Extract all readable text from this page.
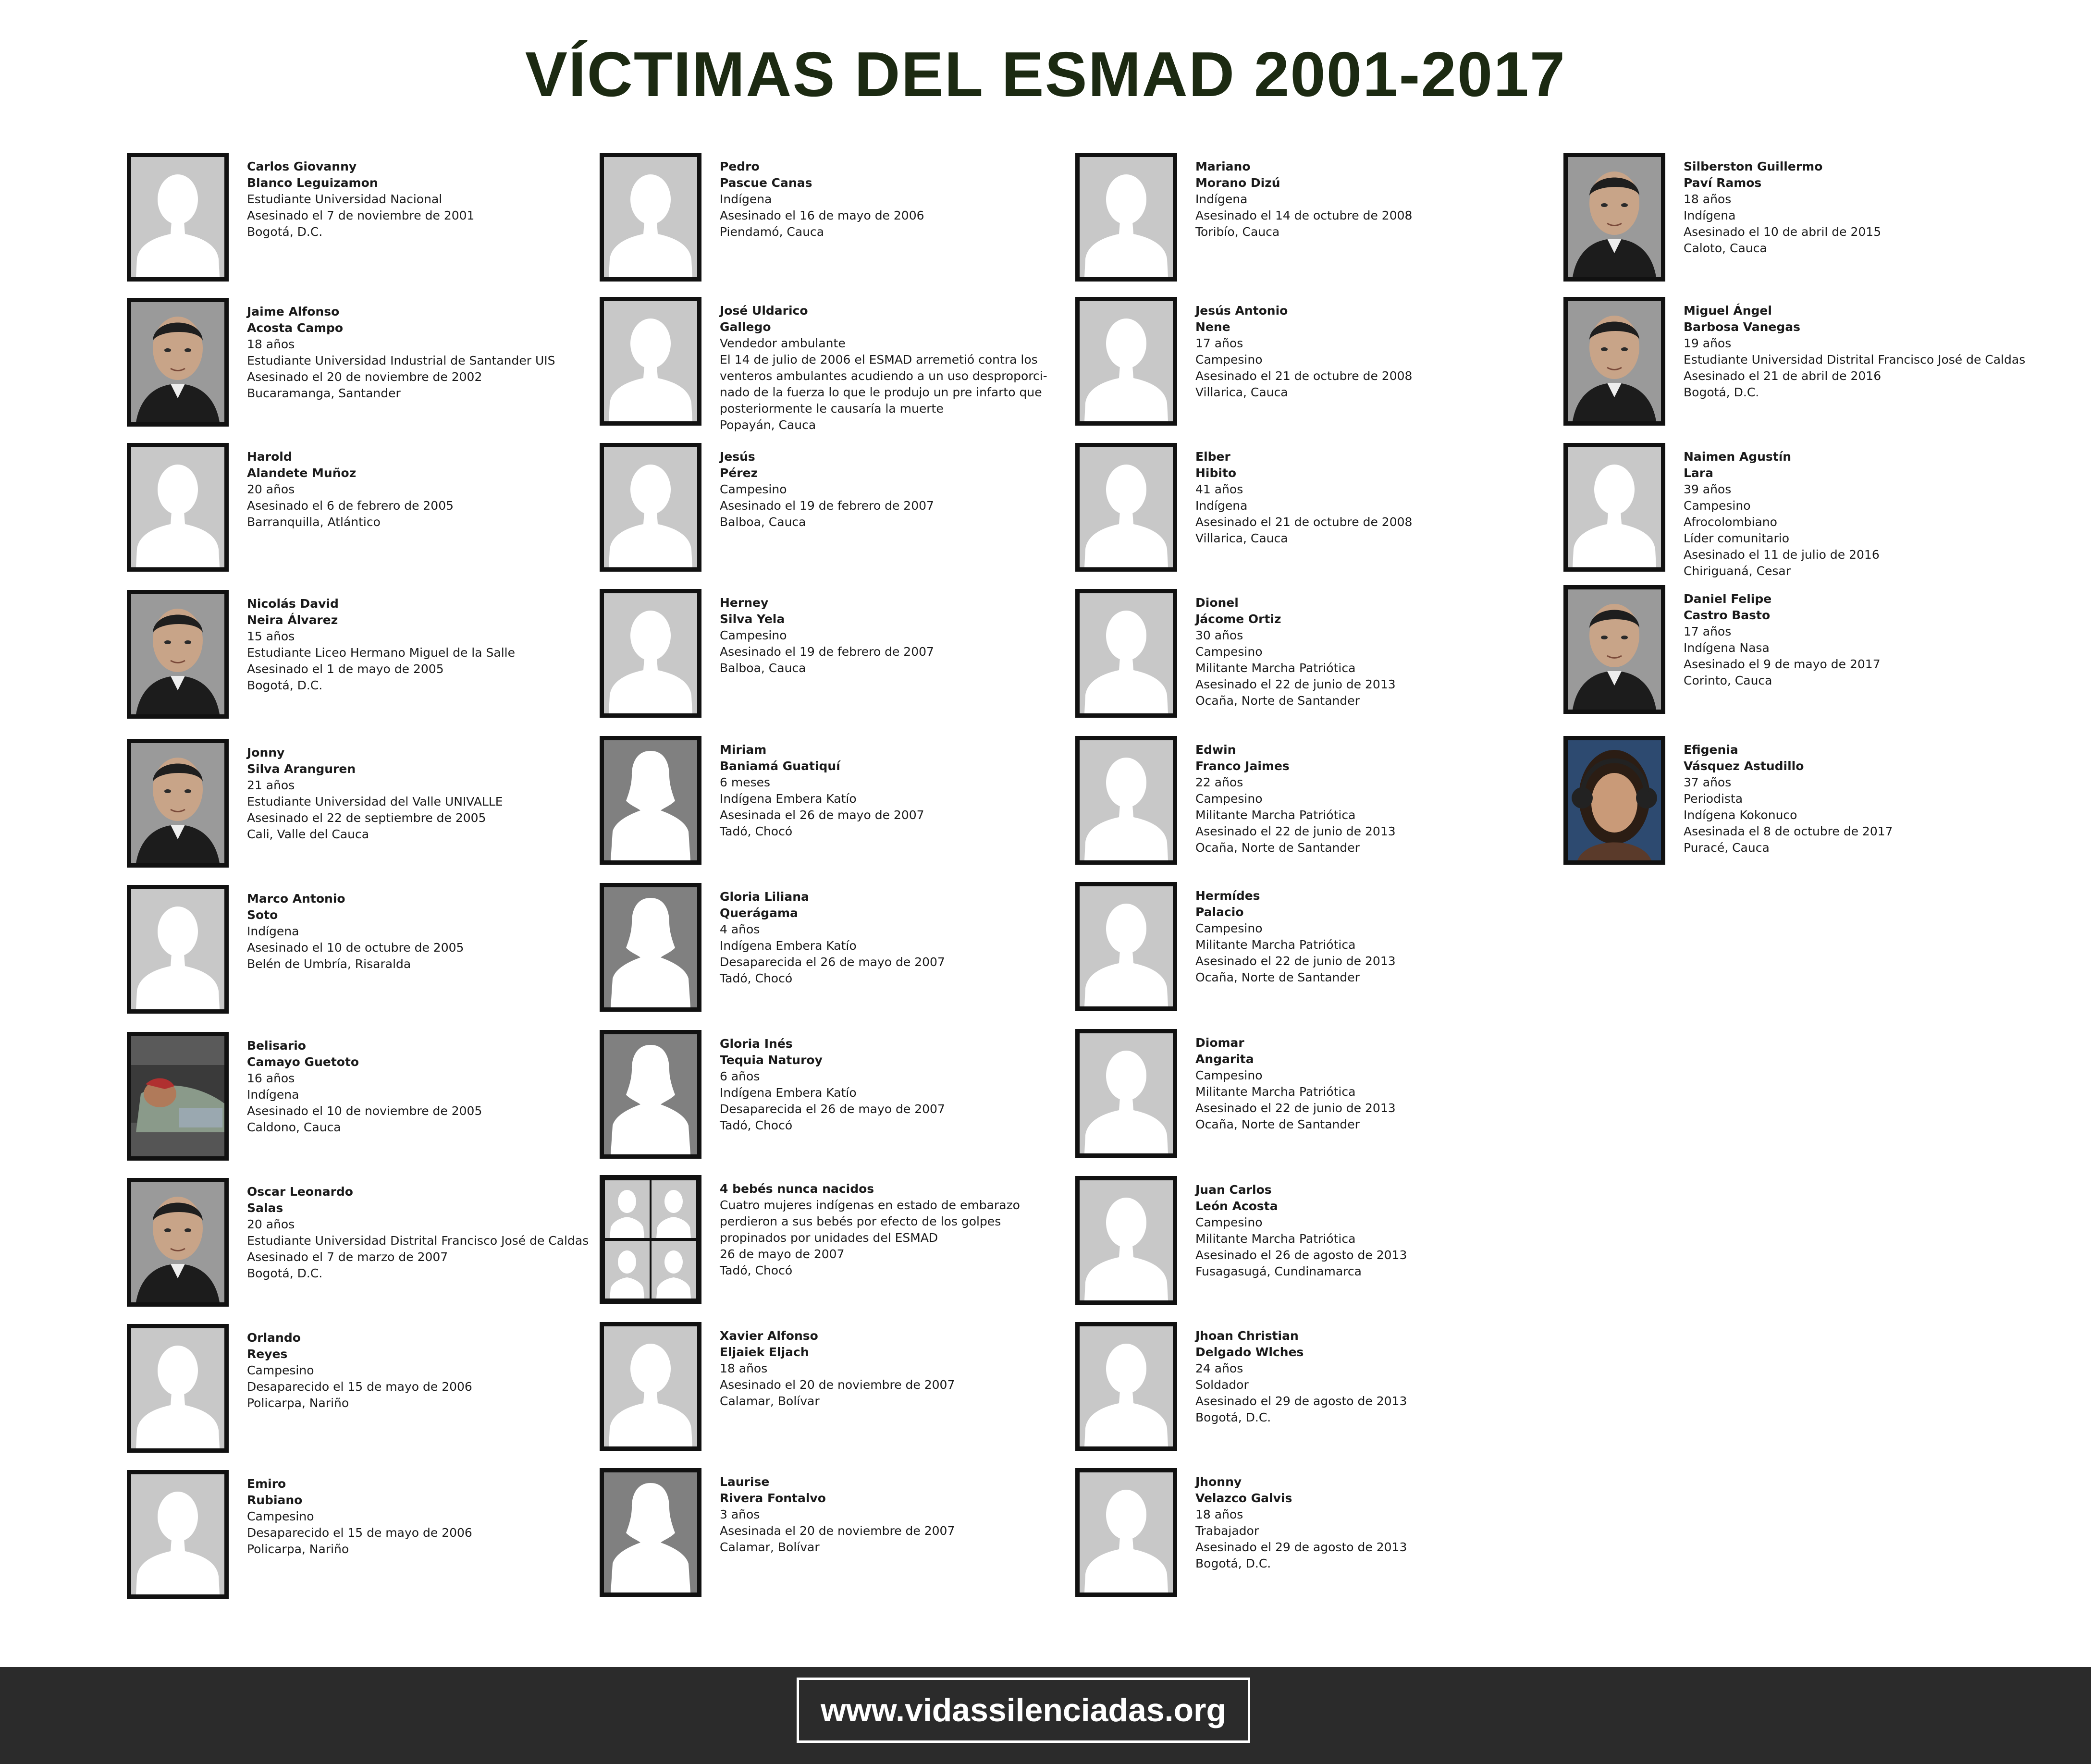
VÍCTIMAS DEL ESMAD 2001-2017
Carlos Giovanny
Blanco Leguizamon
Estudiante Universidad Nacional
Asesinado el 7 de noviembre de 2001
Bogotá, D.C.
Jaime Alfonso
Acosta Campo
18 años
Estudiante Universidad Industrial de Santander UIS
Asesinado el 20 de noviembre de 2002
Bucaramanga, Santander
Harold
Alandete Muñoz
20 años
Asesinado el 6 de febrero de 2005
Barranquilla, Atlántico
Nicolás David
Neira Álvarez
15 años
Estudiante Liceo Hermano Miguel de la Salle
Asesinado el 1 de mayo de 2005
Bogotá, D.C.
Jonny
Silva Aranguren
21 años
Estudiante Universidad del Valle UNIVALLE
Asesinado el 22 de septiembre de 2005
Cali, Valle del Cauca
Marco Antonio
Soto
Indígena
Asesinado el 10 de octubre de 2005
Belén de Umbría, Risaralda
Belisario
Camayo Guetoto
16 años
Indígena
Asesinado el 10 de noviembre de 2005
Caldono, Cauca
Oscar Leonardo
Salas
20 años
Estudiante Universidad Distrital Francisco José de Caldas
Asesinado el 7 de marzo de 2007
Bogotá, D.C.
Orlando
Reyes
Campesino
Desaparecido el 15 de mayo de 2006
Policarpa, Nariño
Emiro
Rubiano
Campesino
Desaparecido el 15 de mayo de 2006
Policarpa, Nariño
Pedro
Pascue Canas
Indígena
Asesinado el 16 de mayo de 2006
Piendamó, Cauca
José Uldarico
Gallego
Vendedor ambulante
El 14 de julio de 2006 el ESMAD arremetió contra los
venteros ambulantes acudiendo a un uso desproporci-
nado de la fuerza lo que le produjo un pre infarto que
posteriormente le causaría la muerte
Popayán, Cauca
Jesús
Pérez
Campesino
Asesinado el 19 de febrero de 2007
Balboa, Cauca
Herney
Silva Yela
Campesino
Asesinado el 19 de febrero de 2007
Balboa, Cauca
Miriam
Baniamá Guatiquí
6 meses
Indígena Embera Katío
Asesinada el 26 de mayo de 2007
Tadó, Chocó
Gloria Liliana
Querágama
4 años
Indígena Embera Katío
Desaparecida el 26 de mayo de 2007
Tadó, Chocó
Gloria Inés
Tequia Naturoy
6 años
Indígena Embera Katío
Desaparecida el 26 de mayo de 2007
Tadó, Chocó
4 bebés nunca nacidos
Cuatro mujeres indígenas en estado de embarazo
perdieron a sus bebés por efecto de los golpes
propinados por unidades del ESMAD
26 de mayo de 2007
Tadó, Chocó
Xavier Alfonso
Eljaiek Eljach
18 años
Asesinado el 20 de noviembre de 2007
Calamar, Bolívar
Laurise
Rivera Fontalvo
3 años
Asesinada el 20 de noviembre de 2007
Calamar, Bolívar
Mariano
Morano Dizú
Indígena
Asesinado el 14 de octubre de 2008
Toribío, Cauca
Jesús Antonio
Nene
17 años
Campesino
Asesinado el 21 de octubre de 2008
Villarica, Cauca
Elber
Hibito
41 años
Indígena
Asesinado el 21 de octubre de 2008
Villarica, Cauca
Dionel
Jácome Ortiz
30 años
Campesino
Militante Marcha Patriótica
Asesinado el 22 de junio de 2013
Ocaña, Norte de Santander
Edwin
Franco Jaimes
22 años
Campesino
Militante Marcha Patriótica
Asesinado el 22 de junio de 2013
Ocaña, Norte de Santander
Hermídes
Palacio
Campesino
Militante Marcha Patriótica
Asesinado el 22 de junio de 2013
Ocaña, Norte de Santander
Diomar
Angarita
Campesino
Militante Marcha Patriótica
Asesinado el 22 de junio de 2013
Ocaña, Norte de Santander
Juan Carlos
León Acosta
Campesino
Militante Marcha Patriótica
Asesinado el 26 de agosto de 2013
Fusagasugá, Cundinamarca
Jhoan Christian
Delgado Wlches
24 años
Soldador
Asesinado el 29 de agosto de 2013
Bogotá, D.C.
Jhonny
Velazco Galvis
18 años
Trabajador
Asesinado el 29 de agosto de 2013
Bogotá, D.C.
Silberston Guillermo
Paví Ramos
18 años
Indígena
Asesinado el 10 de abril de 2015
Caloto, Cauca
Miguel Ángel
Barbosa Vanegas
19 años
Estudiante Universidad Distrital Francisco José de Caldas
Asesinado el 21 de abril de 2016
Bogotá, D.C.
Naimen Agustín
Lara
39 años
Campesino
Afrocolombiano
Líder comunitario
Asesinado el 11 de julio de 2016
Chiriguaná, Cesar
Daniel Felipe
Castro Basto
17 años
Indígena Nasa
Asesinado el 9 de mayo de 2017
Corinto, Cauca
Efigenia
Vásquez Astudillo
37 años
Periodista
Indígena Kokonuco
Asesinada el 8 de octubre de 2017
Puracé, Cauca
www.vidassilenciadas.org
